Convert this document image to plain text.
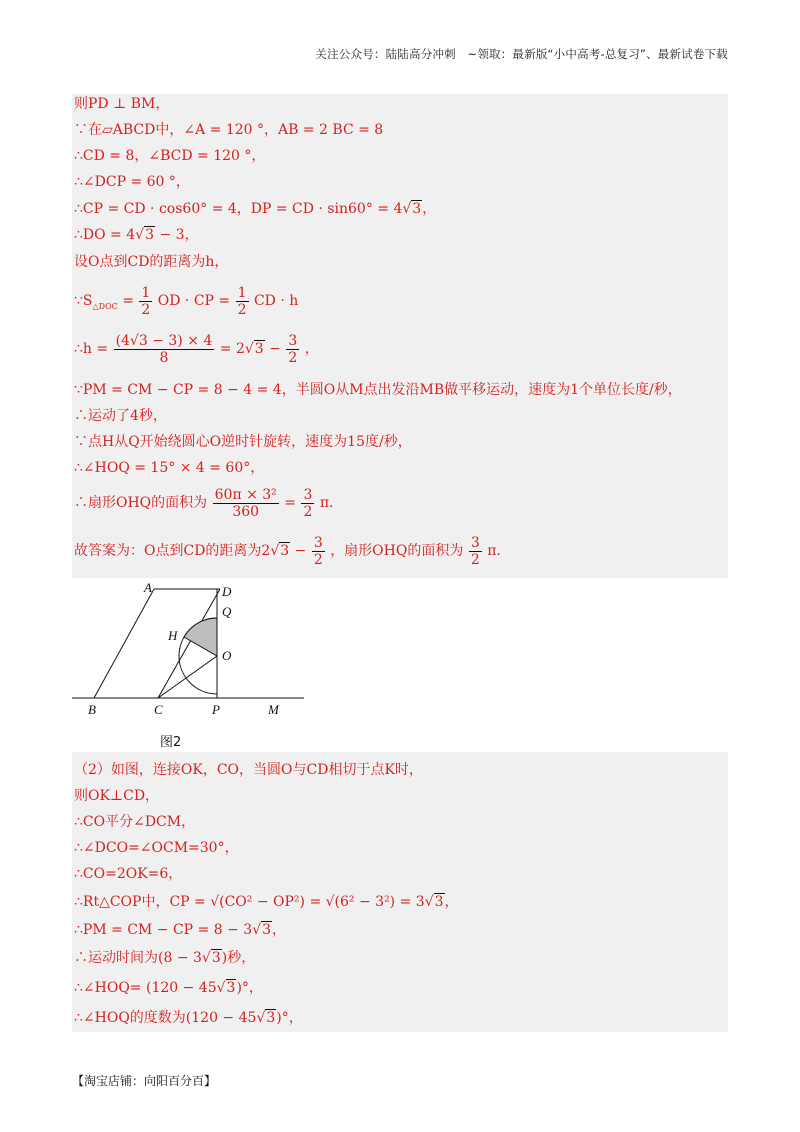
关注公众号：陆陆高分冲刺　~领取：最新版“小中高考-总复习”、最新试卷下载
则PD ⊥ BM，
∵在▱ABCD中，∠A = 120 °，AB = 2 BC = 8
∴CD = 8，∠BCD = 120 °，
∴∠DCP = 60 °，
∴CP = CD · cos60° = 4，DP = CD · sin60° = 4√3，
∴DO = 4√3 − 3，
设O点到CD的距离为h，
$\because S_{\triangle DOC} = \frac{1}{2}$ OD · CP = $\frac{1}{2}$ CD · h
∴h = $\frac{(4√3 - 3) \times 4}{8} = 2√3 - \frac{3}{2}$ ，
∵PM = CM − CP = 8 − 4 = 4，半圆O从M点出发沿MB做平移运动，速度为1个单位长度/秒，
∴运动了4秒，
∵点H从Q开始绕圆心O逆时针旋转，速度为15度/秒，
∴∠HOQ = 15° × 4 = 60°，
∴扇形OHQ的面积为 $\frac{\text{60π × 3²}}{360} = \frac{3}{2}$ π．
故答案为：O点到CD的距离为$2√3 - \frac{3}{2}$ ，扇形OHQ的面积为 $\frac{3}{2}$ π．
A	D
Q
H
O
B	C	P	M
图2
（2）如图，连接OK，CO，当圆O与CD相切于点K时，
则OK⊥CD，
∴CO平分∠DCM，
∴∠DCO=∠OCM=30°，
∴CO=2OK=6，
∴Rt△COP中，CP = √(CO² − OP²) = √(6² − 3²) = 3√3，
∴PM = CM − CP = 8 − 3√3，
∴运动时间为(8 − 3√3)秒，
∴∠HOQ= (120 − 45√3)°，
∴∠HOQ的度数为(120 − 45√3)°，
【淘宝店铺：向阳百分百】
